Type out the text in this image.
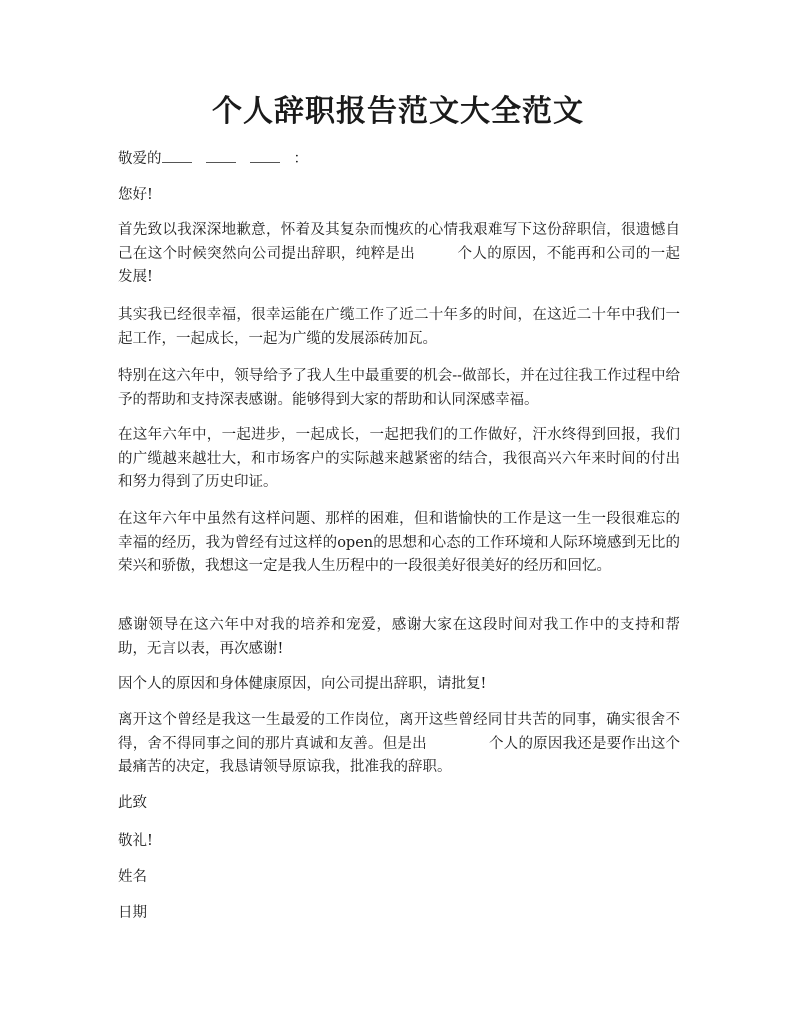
个人辞职报告范文大全范文
敬爱的	：
您好!
首先致以我深深地歉意，怀着及其复杂而愧疚的心情我艰难写下这份辞职信，很遗憾自己在这个时候突然向公司提出辞职，纯粹是出	个人的原因，不能再和公司的一起发展!
其实我已经很幸福，很幸运能在广缆工作了近二十年多的时间，在这近二十年中我们一起工作，一起成长，一起为广缆的发展添砖加瓦。
特别在这六年中，领导给予了我人生中最重要的机会--做部长，并在过往我工作过程中给予的帮助和支持深表感谢。能够得到大家的帮助和认同深感幸福。
在这年六年中，一起进步，一起成长，一起把我们的工作做好，汗水终得到回报，我们的广缆越来越壮大，和市场客户的实际越来越紧密的结合，我很高兴六年来时间的付出和努力得到了历史印证。
在这年六年中虽然有这样问题、那样的困难，但和谐愉快的工作是这一生一段很难忘的幸福的经历，我为曾经有过这样的open的思想和心态的工作环境和人际环境感到无比的荣兴和骄傲，我想这一定是我人生历程中的一段很美好很美好的经历和回忆。
感谢领导在这六年中对我的培养和宠爱，感谢大家在这段时间对我工作中的支持和帮助，无言以表，再次感谢!
因个人的原因和身体健康原因，向公司提出辞职，请批复!
离开这个曾经是我这一生最爱的工作岗位，离开这些曾经同甘共苦的同事，确实很舍不得，舍不得同事之间的那片真诚和友善。但是出	个人的原因我还是要作出这个最痛苦的决定，我恳请领导原谅我，批准我的辞职。
此致
敬礼!
姓名
日期
